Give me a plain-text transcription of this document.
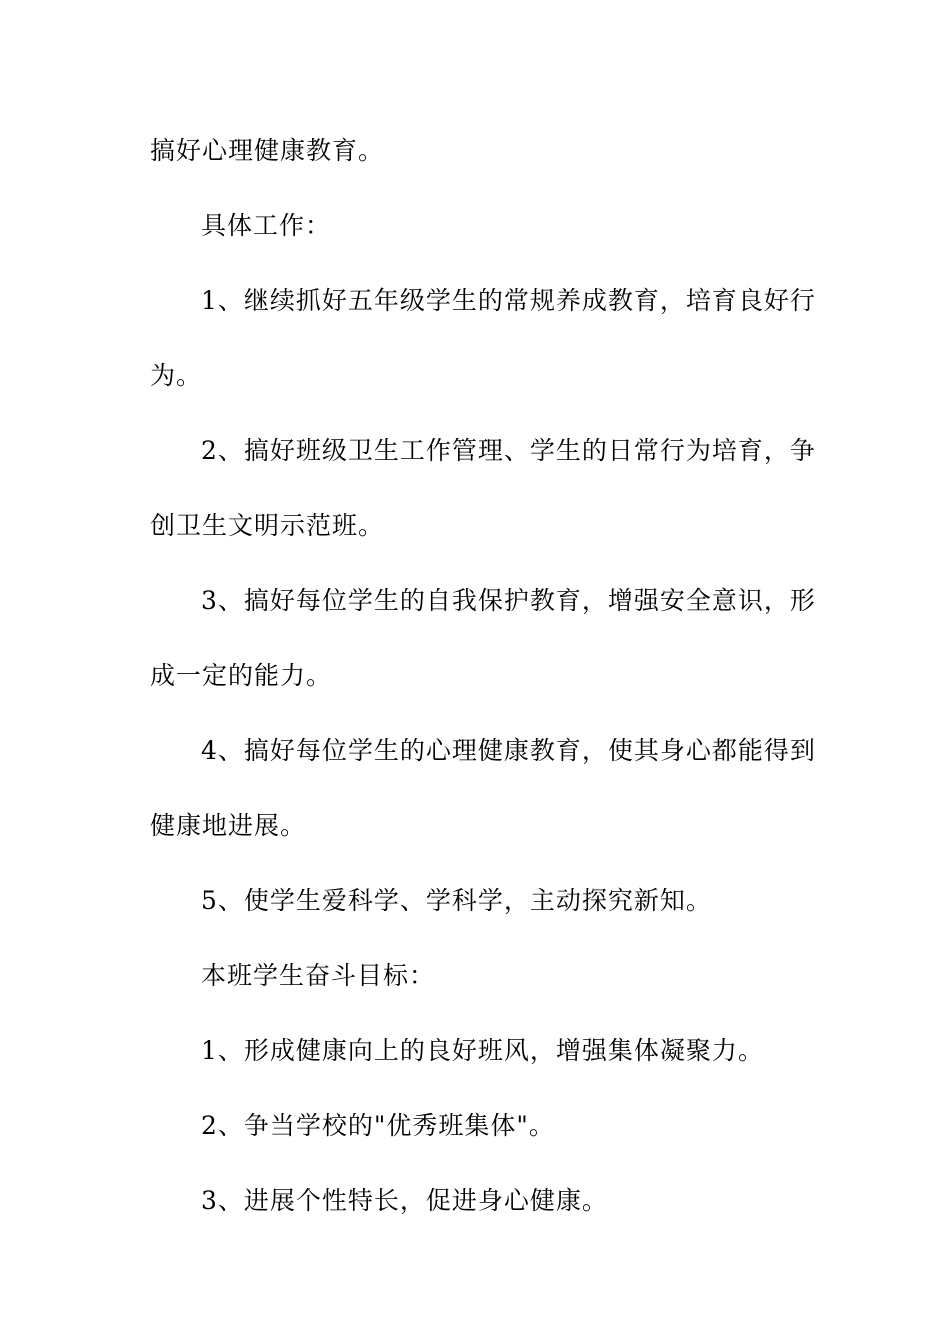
搞好心理健康教育。
具体工作：
1、继续抓好五年级学生的常规养成教育，培育良好行
为。
2、搞好班级卫生工作管理、学生的日常行为培育，争
创卫生文明示范班。
3、搞好每位学生的自我保护教育，增强安全意识，形
成一定的能力。
4、搞好每位学生的心理健康教育，使其身心都能得到
健康地进展。
5、使学生爱科学、学科学，主动探究新知。
本班学生奋斗目标：
1、形成健康向上的良好班风，增强集体凝聚力。
2、争当学校的"优秀班集体"。
3、进展个性特长，促进身心健康。
